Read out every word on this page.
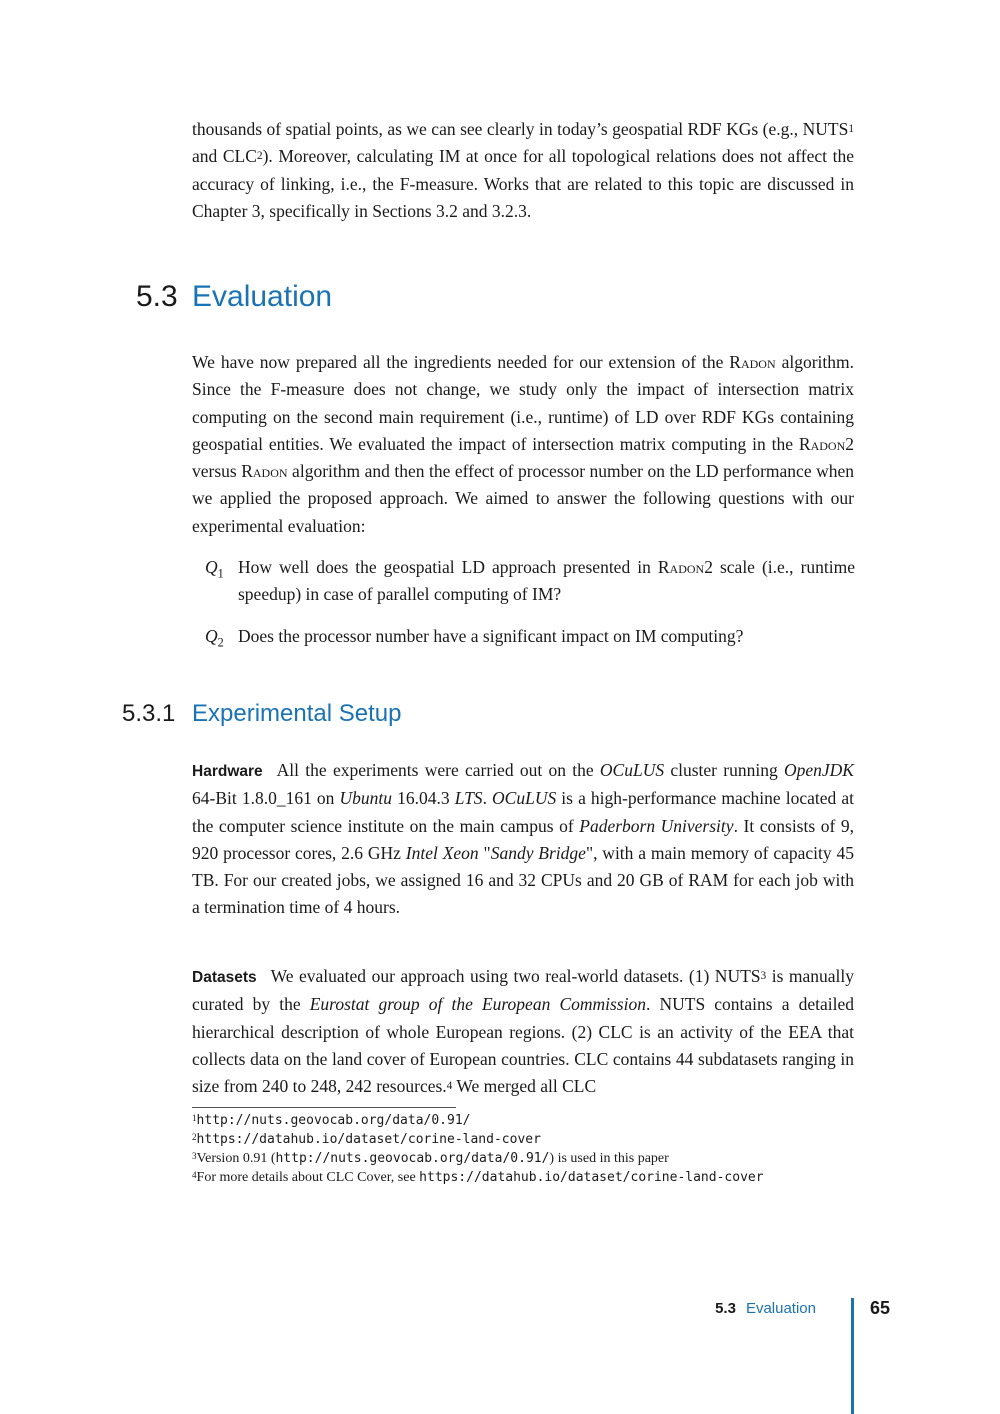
thousands of spatial points, as we can see clearly in today’s geospatial RDF KGs (e.g., NUTS$^1$ and CLC$^2$). Moreover, calculating IM at once for all topological relations does not affect the accuracy of linking, i.e., the F-measure. Works that are related to this topic are discussed in Chapter 3, specifically in Sections 3.2 and 3.2.3.

5.3 Evaluation

We have now prepared all the ingredients needed for our extension of the Radon algorithm. Since the F-measure does not change, we study only the impact of intersection matrix computing on the second main requirement (i.e., runtime) of LD over RDF KGs containing geospatial entities. We evaluated the impact of intersection matrix computing in the Radon2 versus Radon algorithm and then the effect of processor number on the LD performance when we applied the proposed approach. We aimed to answer the following questions with our experimental evaluation:

$Q_1$ How well does the geospatial LD approach presented in Radon2 scale (i.e., runtime speedup) in case of parallel computing of IM?
$Q_2$ Does the processor number have a significant impact on IM computing?
5.3.1 Experimental Setup

Hardware All the experiments were carried out on the OCuLUS cluster running OpenJDK 64-Bit 1.8.0_161 on Ubuntu 16.04.3 LTS. OCuLUS is a high-performance machine located at the computer science institute on the main campus of Paderborn University. It consists of 9, 920 processor cores, 2.6 GHz Intel Xeon "Sandy Bridge", with a main memory of capacity 45 TB. For our created jobs, we assigned 16 and 32 CPUs and 20 GB of RAM for each job with a termination time of 4 hours.

Datasets We evaluated our approach using two real-world datasets. (1) NUTS$^3$ is manually curated by the Eurostat group of the European Commission. NUTS contains a detailed hierarchical description of whole European regions. (2) CLC is an activity of the EEA that collects data on the land cover of European countries. CLC contains 44 subdatasets ranging in size from 240 to 248, 242 resources.$^4$ We merged all CLC

$^1$http://nuts.geovocab.org/data/0.91/
$^2$https://datahub.io/dataset/corine-land-cover
$^3$Version 0.91 (http://nuts.geovocab.org/data/0.91/) is used in this paper
$^4$For more details about CLC Cover, see https://datahub.io/dataset/corine-land-cover
5.3 Evaluation	65
